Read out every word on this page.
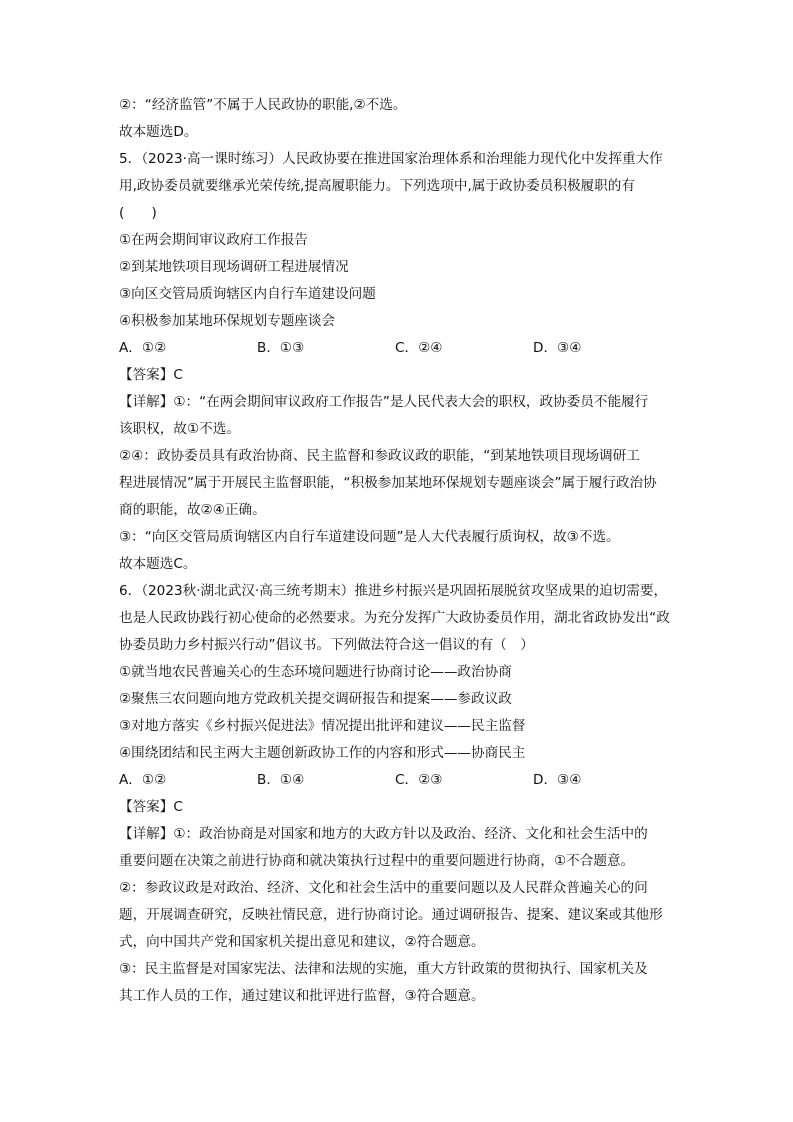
②：“经济监管”不属于人民政协的职能,②不选。
故本题选D。
5．（2023·高一课时练习）人民政协要在推进国家治理体系和治理能力现代化中发挥重大作
用,政协委员就要继承光荣传统,提高履职能力。下列选项中,属于政协委员积极履职的有
(　　)
①在两会期间审议政府工作报告
②到某地铁项目现场调研工程进展情况
③向区交管局质询辖区内自行车道建设问题
④积极参加某地环保规划专题座谈会
A．①②	B．①③	C．②④	D．③④
【答案】C
【详解】①：“在两会期间审议政府工作报告”是人民代表大会的职权，政协委员不能履行
该职权，故①不选。
②④：政协委员具有政治协商、民主监督和参政议政的职能，“到某地铁项目现场调研工
程进展情况”属于开展民主监督职能，“积极参加某地环保规划专题座谈会”属于履行政治协
商的职能，故②④正确。
③：“向区交管局质询辖区内自行车道建设问题”是人大代表履行质询权，故③不选。
故本题选C。
6．（2023秋·湖北武汉·高三统考期末）推进乡村振兴是巩固拓展脱贫攻坚成果的迫切需要，
也是人民政协践行初心使命的必然要求。为充分发挥广大政协委员作用，湖北省政协发出“政
协委员助力乡村振兴行动”倡议书。下列做法符合这一倡议的有（　）
①就当地农民普遍关心的生态环境问题进行协商讨论——政治协商
②聚焦三农问题向地方党政机关提交调研报告和提案——参政议政
③对地方落实《乡村振兴促进法》情况提出批评和建议——民主监督
④围绕团结和民主两大主题创新政协工作的内容和形式——协商民主
A．①②	B．①④	C．②③	D．③④
【答案】C
【详解】①：政治协商是对国家和地方的大政方针以及政治、经济、文化和社会生活中的
重要问题在决策之前进行协商和就决策执行过程中的重要问题进行协商，①不合题意。
②：参政议政是对政治、经济、文化和社会生活中的重要问题以及人民群众普遍关心的问
题，开展调查研究，反映社情民意，进行协商讨论。通过调研报告、提案、建议案或其他形
式，向中国共产党和国家机关提出意见和建议，②符合题意。
③：民主监督是对国家宪法、法律和法规的实施，重大方针政策的贯彻执行、国家机关及
其工作人员的工作，通过建议和批评进行监督，③符合题意。
